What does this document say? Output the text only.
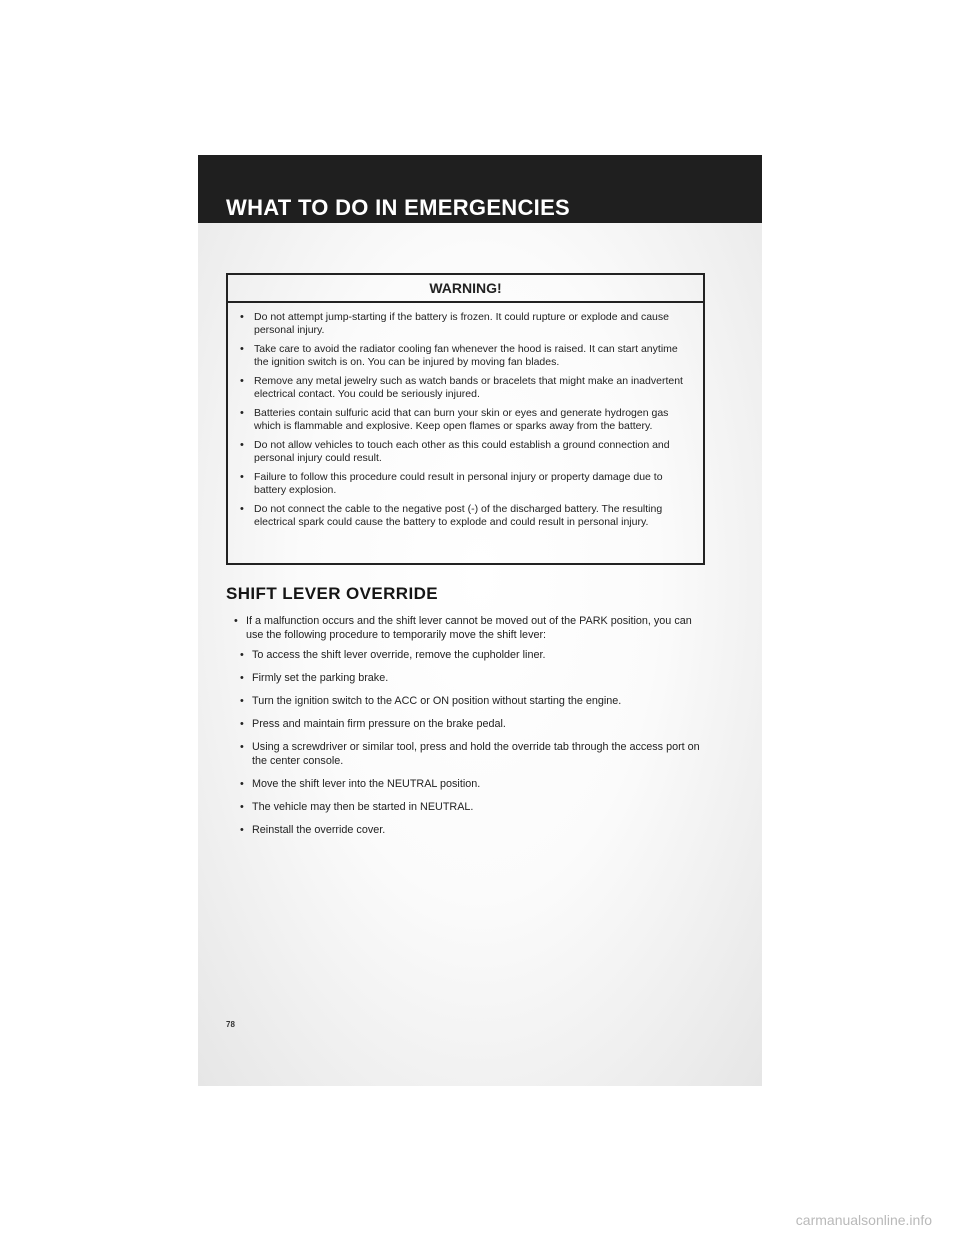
WHAT TO DO IN EMERGENCIES
WARNING!
• Do not attempt jump-starting if the battery is frozen. It could rupture or explode and cause personal injury.
• Take care to avoid the radiator cooling fan whenever the hood is raised. It can start anytime the ignition switch is on. You can be injured by moving fan blades.
• Remove any metal jewelry such as watch bands or bracelets that might make an inadvertent electrical contact. You could be seriously injured.
• Batteries contain sulfuric acid that can burn your skin or eyes and generate hydrogen gas which is flammable and explosive. Keep open flames or sparks away from the battery.
• Do not allow vehicles to touch each other as this could establish a ground connection and personal injury could result.
• Failure to follow this procedure could result in personal injury or property damage due to battery explosion.
• Do not connect the cable to the negative post (-) of the discharged battery. The resulting electrical spark could cause the battery to explode and could result in personal injury.
SHIFT LEVER OVERRIDE
• If a malfunction occurs and the shift lever cannot be moved out of the PARK position, you can use the following procedure to temporarily move the shift lever:
• To access the shift lever override, remove the cupholder liner.
• Firmly set the parking brake.
• Turn the ignition switch to the ACC or ON position without starting the engine.
• Press and maintain firm pressure on the brake pedal.
• Using a screwdriver or similar tool, press and hold the override tab through the access port on the center console.
• Move the shift lever into the NEUTRAL position.
• The vehicle may then be started in NEUTRAL.
• Reinstall the override cover.
78
carmanualsonline.info
